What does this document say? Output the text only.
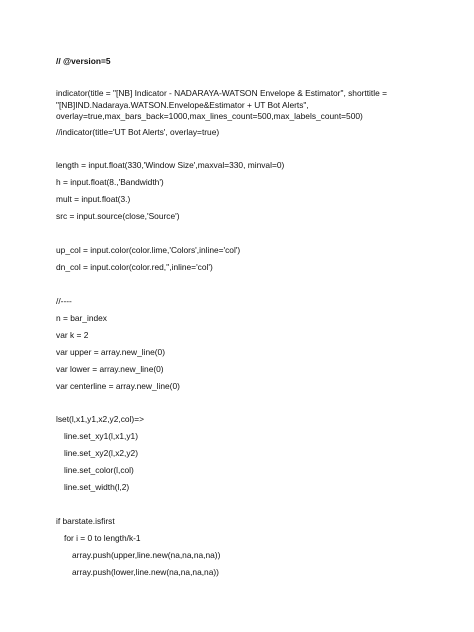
// @version=5
indicator(title = "[NB] Indicator - NADARAYA-WATSON Envelope & Estimator", shorttitle =
"[NB]IND.Nadaraya.WATSON.Envelope&Estimator + UT Bot Alerts",
overlay=true,max_bars_back=1000,max_lines_count=500,max_labels_count=500)
//indicator(title='UT Bot Alerts', overlay=true)
length = input.float(330,'Window Size',maxval=330, minval=0)
h = input.float(8.,'Bandwidth')
mult = input.float(3.)
src = input.source(close,'Source')
up_col = input.color(color.lime,'Colors',inline='col')
dn_col = input.color(color.red,'',inline='col')
//----
n = bar_index
var k = 2
var upper = array.new_line(0)
var lower = array.new_line(0)
var centerline = array.new_line(0)
lset(l,x1,y1,x2,y2,col)=>
line.set_xy1(l,x1,y1)
line.set_xy2(l,x2,y2)
line.set_color(l,col)
line.set_width(l,2)
if barstate.isfirst
for i = 0 to length/k-1
array.push(upper,line.new(na,na,na,na))
array.push(lower,line.new(na,na,na,na))
